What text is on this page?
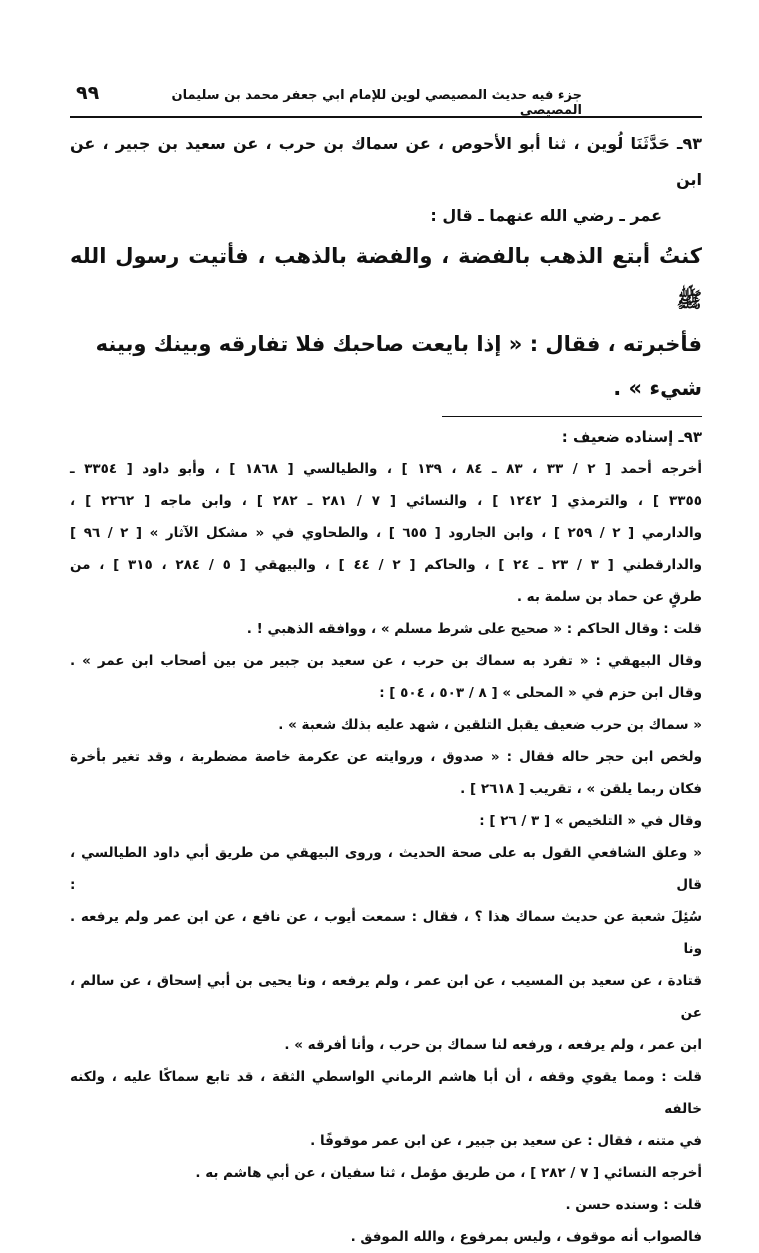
جزء فيه حديث المصيصي لوين للإمام ابي جعفر محمد بن سليمان المصيصي
٩٩
٩٣ـ حَدَّثَنَا لُوين ، ثنا أبو الأحوص ، عن سماك بن حرب ، عن سعيد بن جبير ، عن ابن
عمر ـ رضي الله عنهما ـ قال :
كنتُ أبتع الذهب بالفضة ، والفضة بالذهب ، فأتيت رسول الله ﷺ
فأخبرته ، فقال : « إذا بايعت صاحبك فلا تفارقه وبينك وبينه شيء » .
٩٣ـ إسناده ضعيف :
أخرجه أحمد [ ٢ / ٣٣ ، ٨٣ ـ ٨٤ ، ١٣٩ ] ، والطيالسي [ ١٨٦٨ ] ، وأبو داود [ ٣٣٥٤ ـ
٣٣٥٥ ] ، والترمذي [ ١٢٤٢ ] ، والنسائي [ ٧ / ٢٨١ ـ ٢٨٢ ] ، وابن ماجه [ ٢٢٦٢ ] ،
والدارمي [ ٢ / ٢٥٩ ] ، وابن الجارود [ ٦٥٥ ] ، والطحاوي في « مشكل الآثار » [ ٢ / ٩٦ ]
والدارقطني [ ٣ / ٢٣ ـ ٢٤ ] ، والحاكم [ ٢ / ٤٤ ] ، والبيهقي [ ٥ / ٢٨٤ ، ٣١٥ ] ، من
طرقٍ عن حماد بن سلمة به .
قلت : وقال الحاكم : « صحيح على شرط مسلم » ، ووافقه الذهبي ! .
وقال البيهقي : « تفرد به سماك بن حرب ، عن سعيد بن جبير من بين أصحاب ابن عمر » .
وقال ابن حزم في « المحلى » [ ٨ / ٥٠٣ ، ٥٠٤ ] :
« سماك بن حرب ضعيف يقبل التلقين ، شهد عليه بذلك شعبة » .
ولخص ابن حجر حاله فقال : « صدوق ، وروايته عن عكرمة خاصة مضطربة ، وقد تغير بأخرة
فكان ربما يلقن » ، تقريب [ ٢٦١٨ ] .
وقال في « التلخيص » [ ٣ / ٢٦ ] :
« وعلق الشافعي القول به على صحة الحديث ، وروى البيهقي من طريق أبي داود الطيالسي ، قال :
سُئِلَ شعبة عن حديث سماك هذا ؟ ، فقال : سمعت أيوب ، عن نافع ، عن ابن عمر ولم يرفعه . ونا
قتادة ، عن سعيد بن المسيب ، عن ابن عمر ، ولم يرفعه ، ونا يحيى بن أبي إسحاق ، عن سالم ، عن
ابن عمر ، ولم يرفعه ، ورفعه لنا سماك بن حرب ، وأنا أفرقه » .
قلت : ومما يقوي وقفه ، أن أبا هاشم الرماني الواسطي الثقة ، قد تابع سماكًا عليه ، ولكنه خالفه
في متنه ، فقال : عن سعيد بن جبير ، عن ابن عمر موقوفًا .
أخرجه النسائي [ ٧ / ٢٨٢ ] ، من طريق مؤمل ، ثنا سفيان ، عن أبي هاشم به .
قلت : وسنده حسن .
فالصواب أنه موقوف ، وليس بمرفوع ، والله الموفق .
